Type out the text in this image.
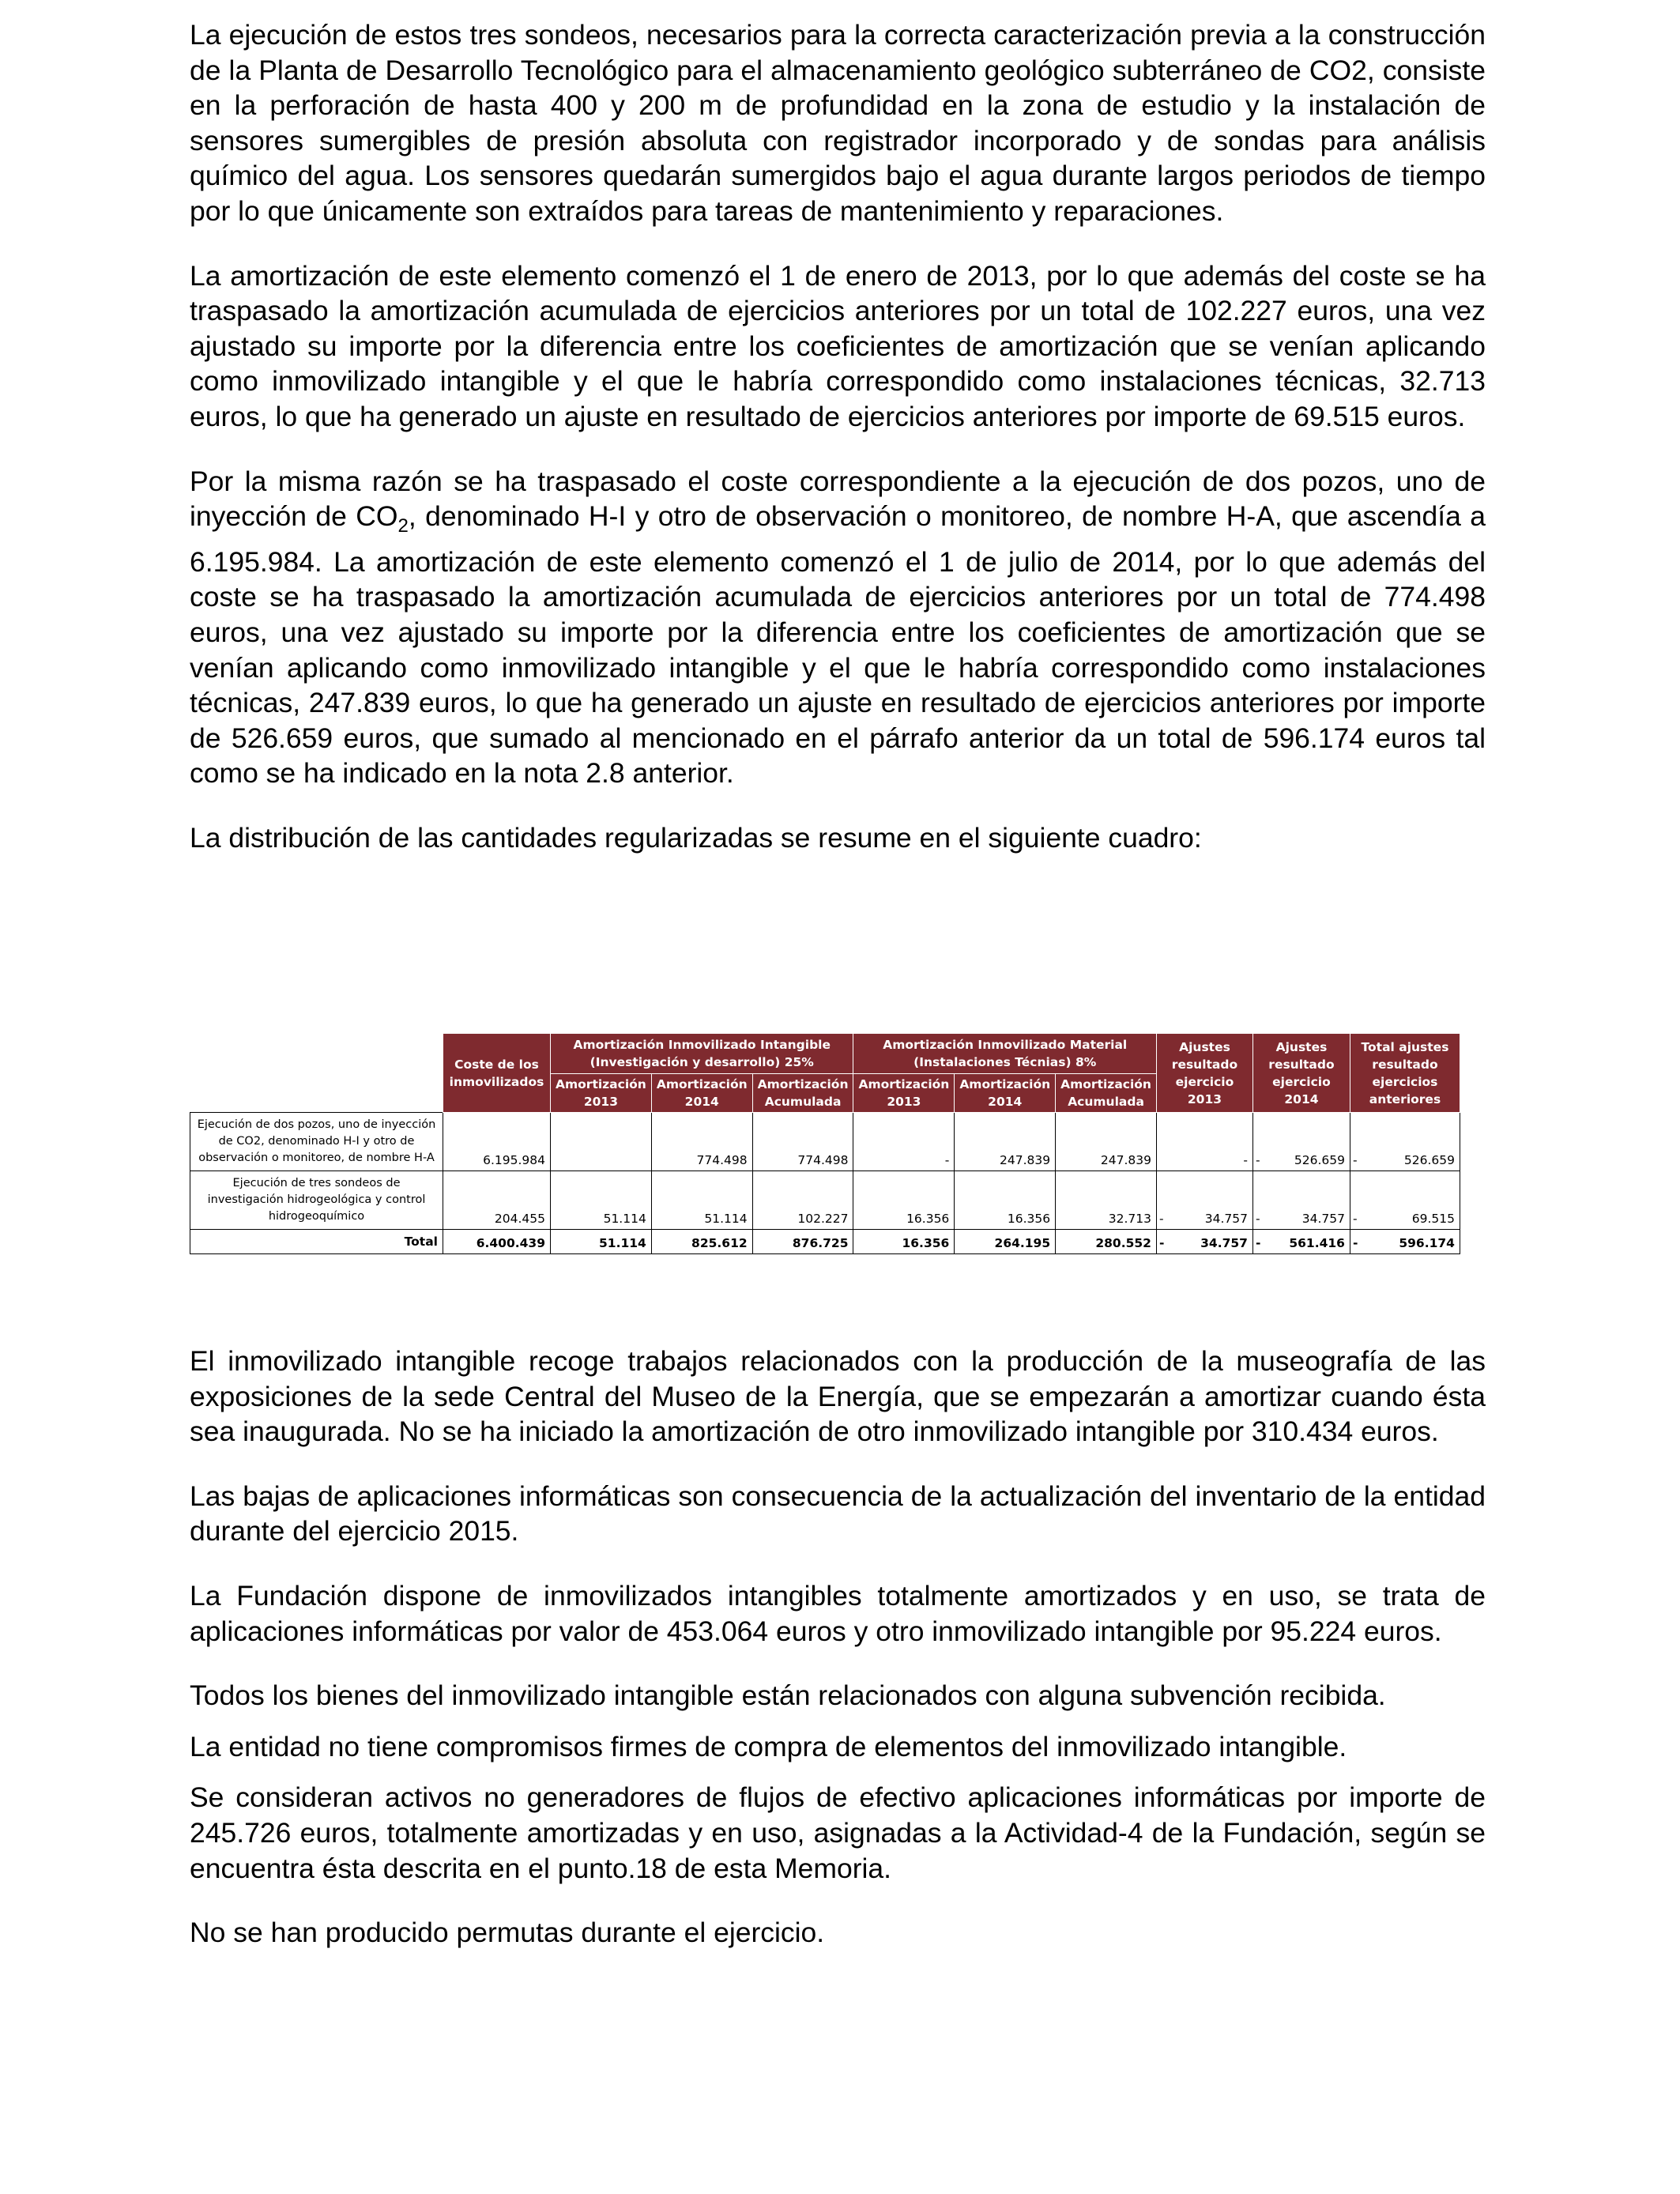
La ejecución de estos tres sondeos, necesarios para la correcta caracterización previa a la construcción de la Planta de Desarrollo Tecnológico para el almacenamiento geológico subterráneo de CO2, consiste en la perforación de hasta 400 y 200 m de profundidad en la zona de estudio y la instalación de sensores sumergibles de presión absoluta con registrador incorporado y de sondas para análisis químico del agua. Los sensores quedarán sumergidos bajo el agua durante largos periodos de tiempo por lo que únicamente son extraídos para tareas de mantenimiento y reparaciones.

La amortización de este elemento comenzó el 1 de enero de 2013, por lo que además del coste se ha traspasado la amortización acumulada de ejercicios anteriores por un total de 102.227 euros, una vez ajustado su importe por la diferencia entre los coeficientes de amortización que se venían aplicando como inmovilizado intangible y el que le habría correspondido como instalaciones técnicas, 32.713 euros, lo que ha generado un ajuste en resultado de ejercicios anteriores por importe de 69.515 euros.

Por la misma razón se ha traspasado el coste correspondiente a la ejecución de dos pozos, uno de inyección de $CO_2$, denominado H-I y otro de observación o monitoreo, de nombre H-A, que ascendía a 6.195.984. La amortización de este elemento comenzó el 1 de julio de 2014, por lo que además del coste se ha traspasado la amortización acumulada de ejercicios anteriores por un total de 774.498 euros, una vez ajustado su importe por la diferencia entre los coeficientes de amortización que se venían aplicando como inmovilizado intangible y el que le habría correspondido como instalaciones técnicas, 247.839 euros, lo que ha generado un ajuste en resultado de ejercicios anteriores por importe de 526.659 euros, que sumado al mencionado en el párrafo anterior da un total de 596.174 euros tal como se ha indicado en la nota 2.8 anterior.

La distribución de las cantidades regularizadas se resume en el siguiente cuadro:

	Coste de los inmovilizados	Amortización Inmovilizado Intangible (Investigación y desarrollo) 25%			Amortización Inmovilizado Material (Instalaciones Técnias) 8%			Ajustes resultado ejercicio 2013	Ajustes resultado ejercicio 2014	Total ajustes resultado ejercicios anteriores
		Amortización 2013	Amortización 2014	Amortización Acumulada	Amortización 2013	Amortización 2014	Amortización Acumulada			
Ejecución de dos pozos, uno de inyección de CO2, denominado H-I y otro de observación o monitoreo, de nombre H-A	6.195.984		774.498	774.498	-	247.839	247.839	-	- 526.659	- 526.659
Ejecución de tres sondeos de investigación hidrogeológica y control hidrogeoquímico	204.455	51.114	51.114	102.227	16.356	16.356	32.713	- 34.757	- 34.757	- 69.515
Total	6.400.439	51.114	825.612	876.725	16.356	264.195	280.552	- 34.757	- 561.416	- 596.174

El inmovilizado intangible recoge trabajos relacionados con la producción de la museografía de las exposiciones de la sede Central del Museo de la Energía, que se empezarán a amortizar cuando ésta sea inaugurada. No se ha iniciado la amortización de otro inmovilizado intangible por 310.434 euros.

Las bajas de aplicaciones informáticas son consecuencia de la actualización del inventario de la entidad durante del ejercicio 2015.

La Fundación dispone de inmovilizados intangibles totalmente amortizados y en uso, se trata de aplicaciones informáticas por valor de 453.064 euros y otro inmovilizado intangible por 95.224 euros.

Todos los bienes del inmovilizado intangible están relacionados con alguna subvención recibida.

La entidad no tiene compromisos firmes de compra de elementos del inmovilizado intangible.

Se consideran activos no generadores de flujos de efectivo aplicaciones informáticas por importe de 245.726 euros, totalmente amortizadas y en uso, asignadas a la Actividad-4 de la Fundación, según se encuentra ésta descrita en el punto.18 de esta Memoria.

No se han producido permutas durante el ejercicio.
